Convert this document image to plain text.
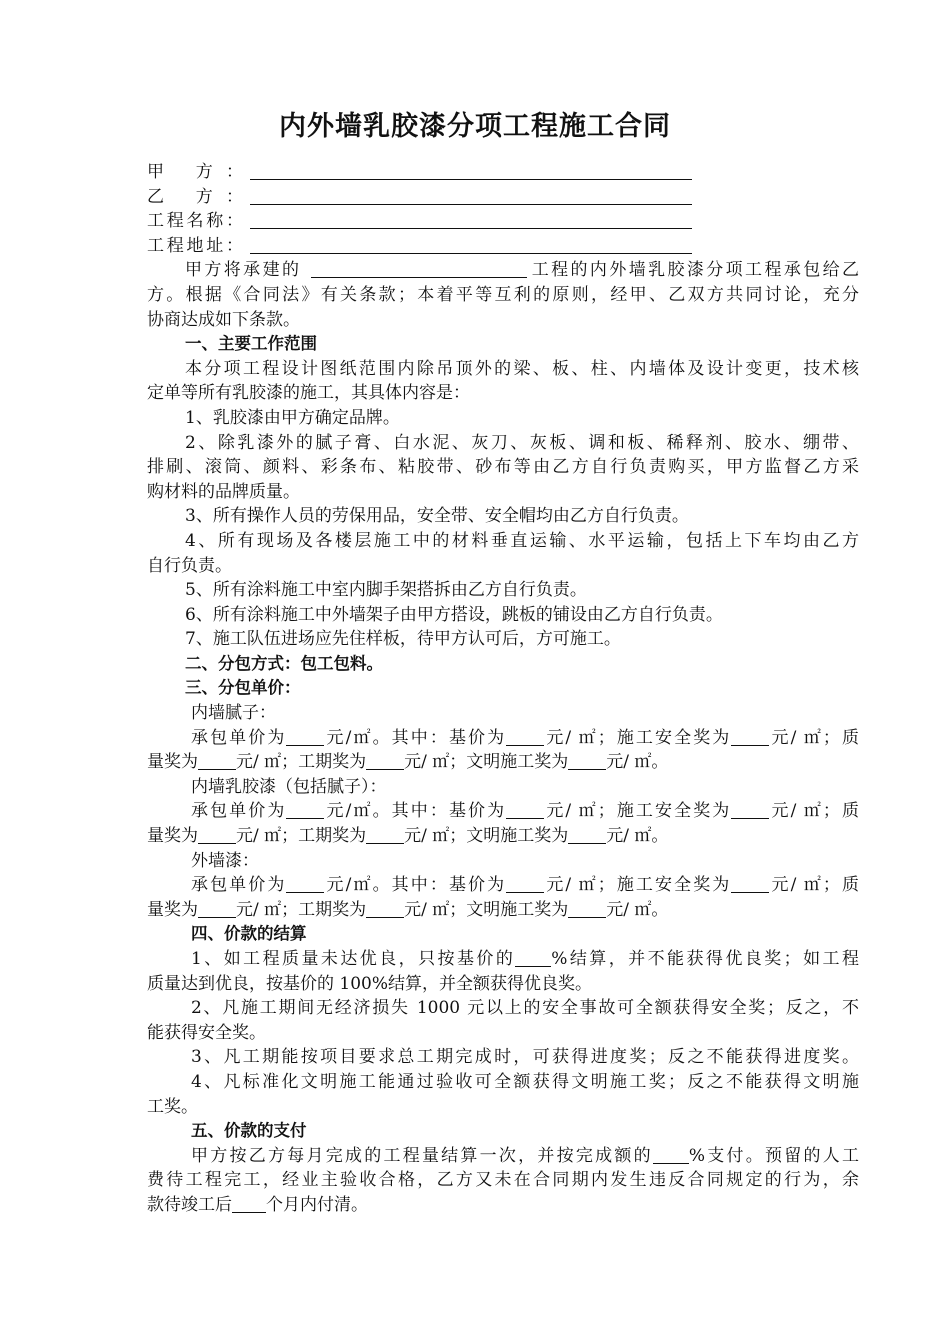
内外墙乳胶漆分项工程施工合同
甲 方：
乙 方：
工程名称：
工程地址：
甲方将承建的	工程的内外墙乳胶漆分项工程承包给乙
方。根据《合同法》有关条款；本着平等互利的原则，经甲、乙双方共同讨论，充分
协商达成如下条款。
一、主要工作范围
本分项工程设计图纸范围内除吊顶外的梁、板、柱、内墙体及设计变更，技术核
定单等所有乳胶漆的施工，其具体内容是：
1、乳胶漆由甲方确定品牌。
2、除乳漆外的腻子膏、白水泥、灰刀、灰板、调和板、稀释剂、胶水、绷带、
排刷、滚筒、颜料、彩条布、粘胶带、砂布等由乙方自行负责购买，甲方监督乙方采
购材料的品牌质量。
3、所有操作人员的劳保用品，安全带、安全帽均由乙方自行负责。
4、所有现场及各楼层施工中的材料垂直运输、水平运输，包括上下车均由乙方
自行负责。
5、所有涂料施工中室内脚手架搭拆由乙方自行负责。
6、所有涂料施工中外墙架子由甲方搭设，跳板的铺设由乙方自行负责。
7、施工队伍进场应先住样板，待甲方认可后，方可施工。
二、分包方式：包工包料。
三、分包单价：
内墙腻子：
承包单价为 元/㎡。其中：基价为 元/ ㎡；施工安全奖为 元/ ㎡；质
量奖为 元/ ㎡；工期奖为 元/ ㎡；文明施工奖为 元/ ㎡。
内墙乳胶漆（包括腻子）：
承包单价为 元/㎡。其中：基价为 元/ ㎡；施工安全奖为 元/ ㎡；质
量奖为 元/ ㎡；工期奖为 元/ ㎡；文明施工奖为 元/ ㎡。
外墙漆：
承包单价为 元/㎡。其中：基价为 元/ ㎡；施工安全奖为 元/ ㎡；质
量奖为 元/ ㎡；工期奖为 元/ ㎡；文明施工奖为 元/ ㎡。
四、价款的结算
1、如工程质量未达优良，只按基价的 %结算，并不能获得优良奖；如工程
质量达到优良，按基价的 100%结算，并全额获得优良奖。
2、凡施工期间无经济损失 1000 元以上的安全事故可全额获得安全奖；反之，不
能获得安全奖。
3、凡工期能按项目要求总工期完成时，可获得进度奖；反之不能获得进度奖。
4、凡标准化文明施工能通过验收可全额获得文明施工奖；反之不能获得文明施
工奖。
五、价款的支付
甲方按乙方每月完成的工程量结算一次，并按完成额的 %支付。预留的人工
费待工程完工，经业主验收合格，乙方又未在合同期内发生违反合同规定的行为，余
款待竣工后 个月内付清。
